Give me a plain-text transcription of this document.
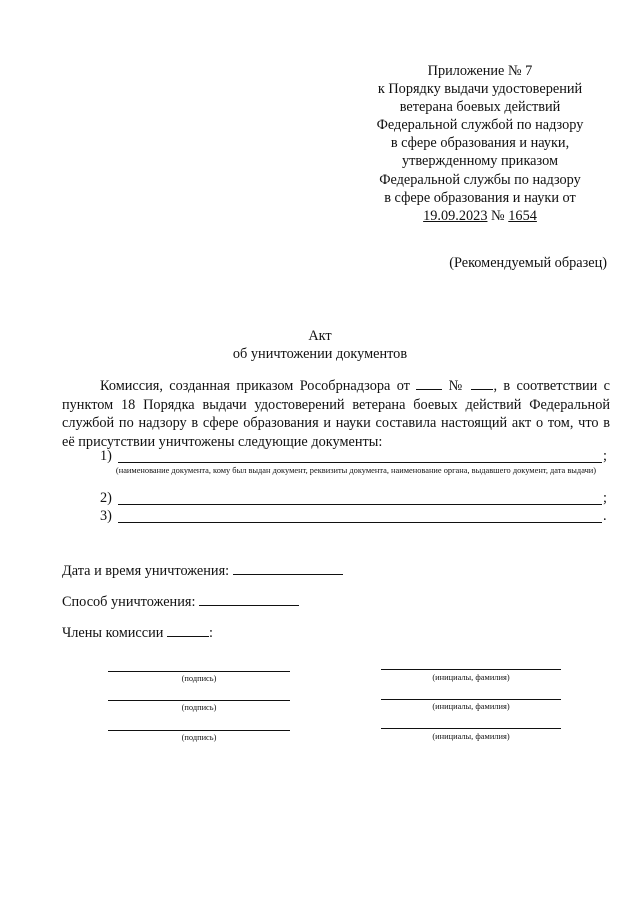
Приложение № 7
к Порядку выдачи удостоверений
ветерана боевых действий
Федеральной службой по надзору
в сфере образования и науки,
утвержденному приказом
Федеральной службы по надзору
в сфере образования и науки от
19.09.2023 № 1654
(Рекомендуемый образец)
Акт
об уничтожении документов
Комиссия, созданная приказом Рособрнадзора от	№ , в соответствии с пунктом 18 Порядка выдачи удостоверений ветерана боевых действий Федеральной службой по надзору в сфере образования и науки составила настоящий акт о том, что в её присутствии уничтожены следующие документы:
1)	;
(наименование документа, кому был выдан документ, реквизиты документа, наименование органа, выдавшего документ, дата выдачи)
2)	;
3)	.
Дата и время уничтожения:
Способ уничтожения:
Члены комиссии	:
(подпись)	(инициалы, фамилия)
(подпись)	(инициалы, фамилия)
(подпись)	(инициалы, фамилия)
